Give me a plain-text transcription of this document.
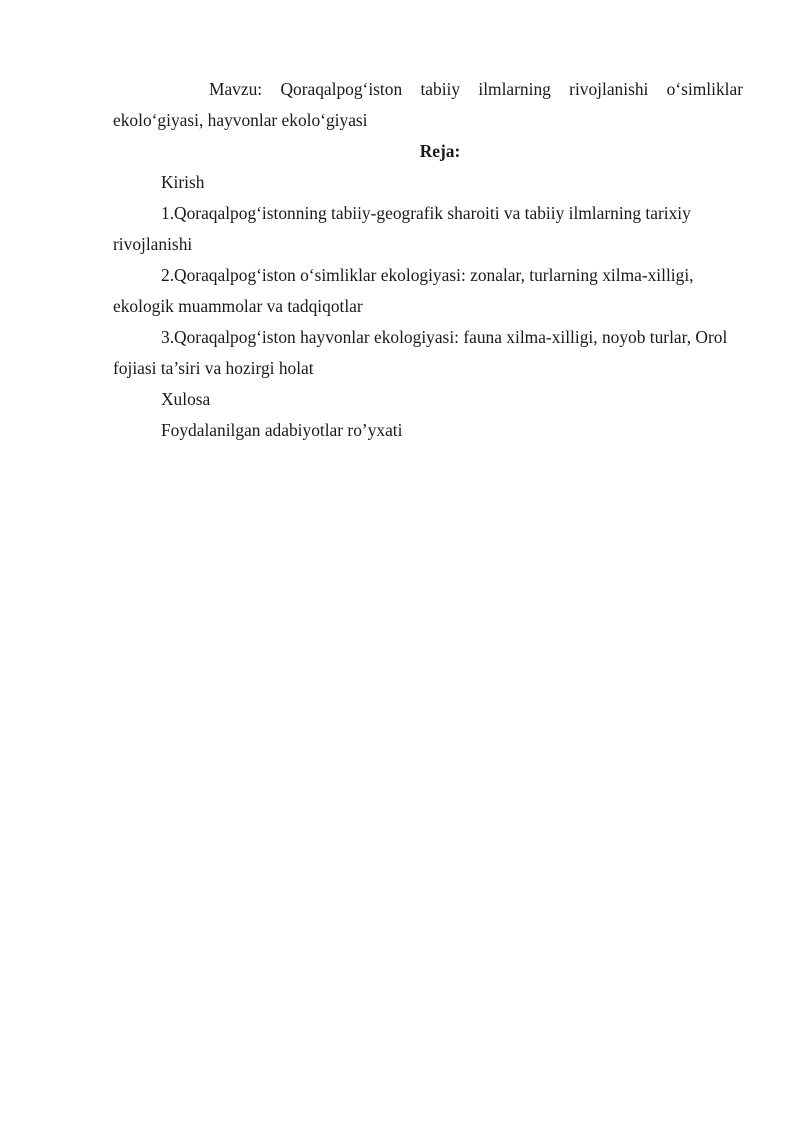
Mavzu: Qoraqalpog‘iston tabiiy ilmlarning rivojlanishi o‘simliklar ekolo‘giyasi, hayvonlar ekolo‘giyasi

Reja:

Kirish

1.Qoraqalpog‘istonning tabiiy-geografik sharoiti va tabiiy ilmlarning tarixiy rivojlanishi

2.Qoraqalpog‘iston o‘simliklar ekologiyasi: zonalar, turlarning xilma-xilligi, ekologik muammolar va tadqiqotlar

3.Qoraqalpog‘iston hayvonlar ekologiyasi: fauna xilma-xilligi, noyob turlar, Orol fojiasi ta’siri va hozirgi holat

Xulosa

Foydalanilgan adabiyotlar ro’yxati
